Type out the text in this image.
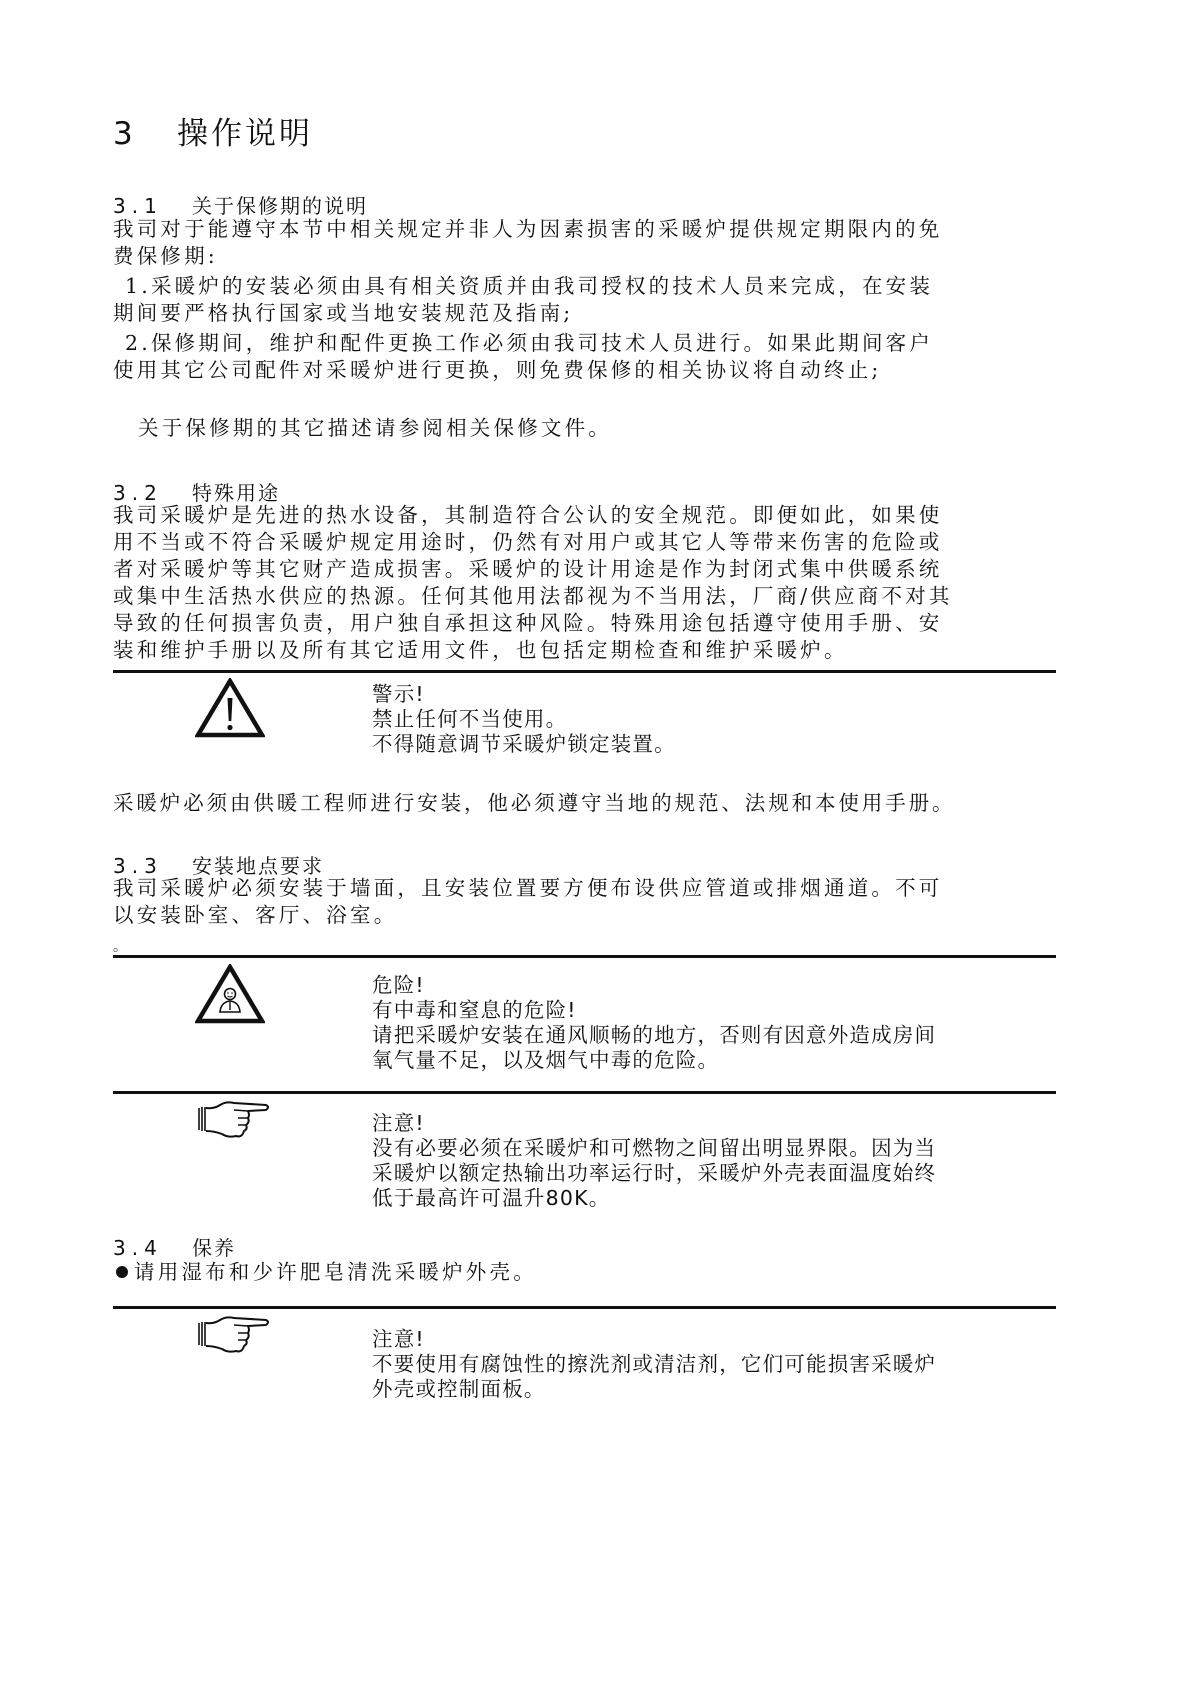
3 操作说明
3.1 关于保修期的说明

我司对于能遵守本节中相关规定并非人为因素损害的采暖炉提供规定期限内的免

费保修期:

1.采暖炉的安装必须由具有相关资质并由我司授权的技术人员来完成，在安装

期间要严格执行国家或当地安装规范及指南;

2.保修期间，维护和配件更换工作必须由我司技术人员进行。如果此期间客户

使用其它公司配件对采暖炉进行更换，则免费保修的相关协议将自动终止;

关于保修期的其它描述请参阅相关保修文件。

3.2 特殊用途

我司采暖炉是先进的热水设备，其制造符合公认的安全规范。即便如此，如果使

用不当或不符合采暖炉规定用途时，仍然有对用户或其它人等带来伤害的危险或

者对采暖炉等其它财产造成损害。采暖炉的设计用途是作为封闭式集中供暖系统

或集中生活热水供应的热源。任何其他用法都视为不当用法，厂商/供应商不对其

导致的任何损害负责，用户独自承担这种风险。特殊用途包括遵守使用手册、安

装和维护手册以及所有其它适用文件，也包括定期检查和维护采暖炉。

警示!
禁止任何不当使用。
不得随意调节采暖炉锁定装置。

采暖炉必须由供暖工程师进行安装，他必须遵守当地的规范、法规和本使用手册。

3.3 安装地点要求

我司采暖炉必须安装于墙面，且安装位置要方便布设供应管道或排烟通道。不可

以安装卧室、客厅、浴室。

。
危险!
有中毒和窒息的危险!
请把采暖炉安装在通风顺畅的地方，否则有因意外造成房间
氧气量不足，以及烟气中毒的危险。
注意!
没有必要必须在采暖炉和可燃物之间留出明显界限。因为当
采暖炉以额定热输出功率运行时，采暖炉外壳表面温度始终
低于最高许可温升80K。
3.4 保养

请用湿布和少许肥皂清洗采暖炉外壳。

注意!
不要使用有腐蚀性的擦洗剂或清洁剂，它们可能损害采暖炉
外壳或控制面板。
